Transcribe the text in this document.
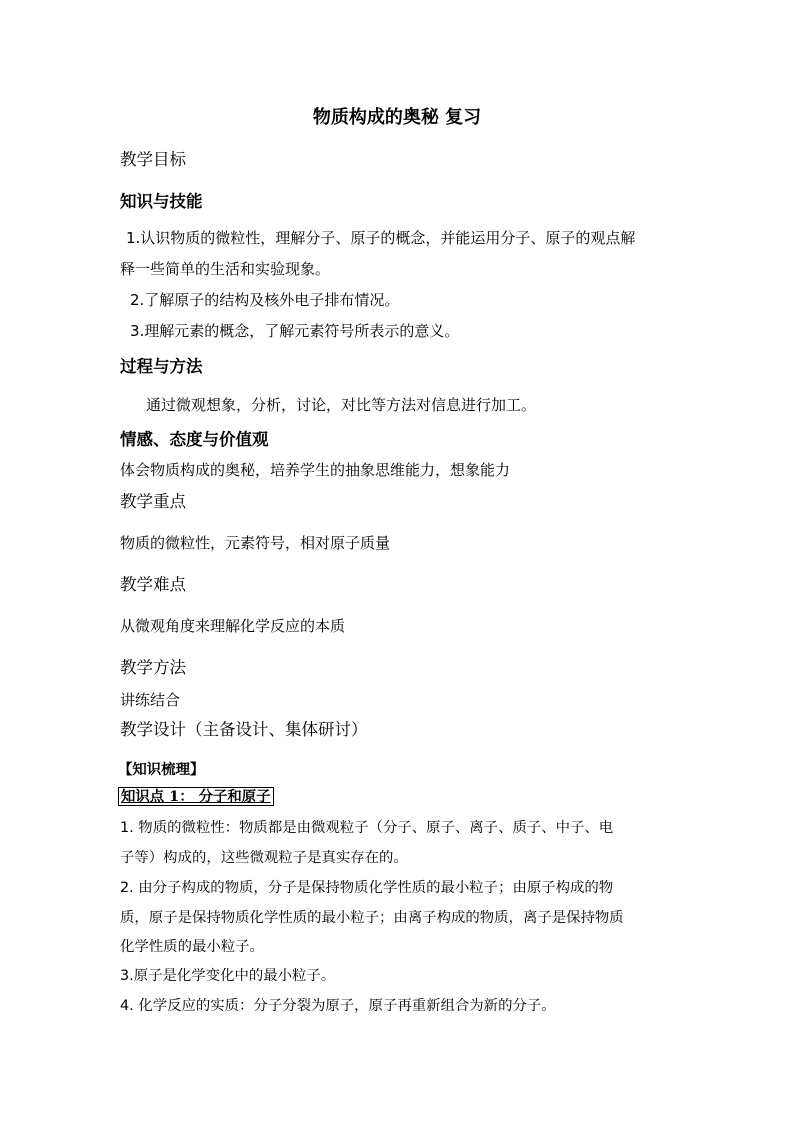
物质构成的奥秘 复习
教学目标
知识与技能
1.认识物质的微粒性，理解分子、原子的概念，并能运用分子、原子的观点解
释一些简单的生活和实验现象。
2.了解原子的结构及核外电子排布情况。
3.理解元素的概念，了解元素符号所表示的意义。
过程与方法
通过微观想象，分析，讨论，对比等方法对信息进行加工。
情感、态度与价值观
体会物质构成的奥秘，培养学生的抽象思维能力，想象能力
教学重点
物质的微粒性，元素符号，相对原子质量
教学难点
从微观角度来理解化学反应的本质
教学方法
讲练结合
教学设计（主备设计、集体研讨）
【知识梳理】
知识点 1： 分子和原子
1. 物质的微粒性：物质都是由微观粒子（分子、原子、离子、质子、中子、电
子等）构成的，这些微观粒子是真实存在的。
2. 由分子构成的物质，分子是保持物质化学性质的最小粒子；由原子构成的物
质，原子是保持物质化学性质的最小粒子；由离子构成的物质，离子是保持物质
化学性质的最小粒子。
3.原子是化学变化中的最小粒子。
4. 化学反应的实质：分子分裂为原子，原子再重新组合为新的分子。
